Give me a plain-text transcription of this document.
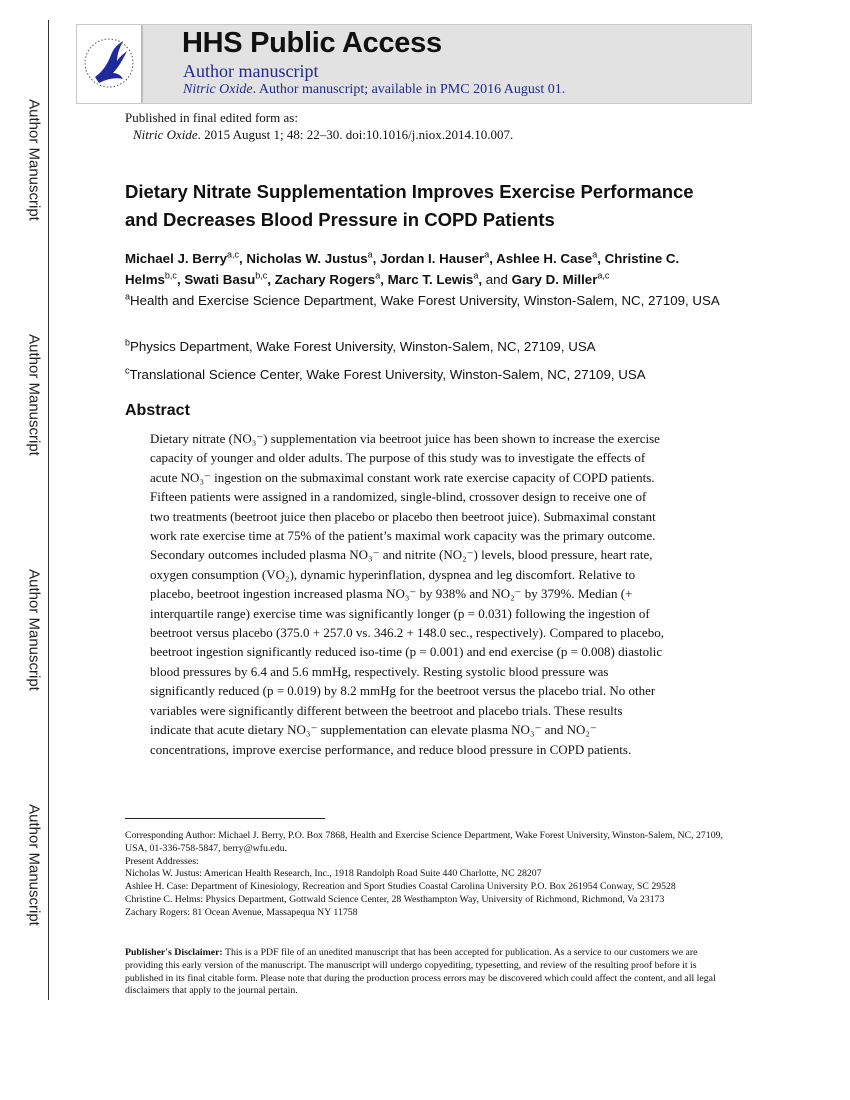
Author Manuscript
Author Manuscript
Author Manuscript
Author Manuscript
HHS Public Access
Author manuscript
Nitric Oxide. Author manuscript; available in PMC 2016 August 01.
Published in final edited form as:
Nitric Oxide. 2015 August 1; 48: 22–30. doi:10.1016/j.niox.2014.10.007.
Dietary Nitrate Supplementation Improves Exercise Performance
and Decreases Blood Pressure in COPD Patients
Michael J. Berry$^{a,c}$, Nicholas W. Justus$^a$, Jordan I. Hauser$^a$, Ashlee H. Case$^a$, Christine C. Helms$^{b,c}$, Swati Basu$^{b,c}$, Zachary Rogers$^a$, Marc T. Lewis$^a$, and Gary D. Miller$^{a,c}$
$^a$Health and Exercise Science Department, Wake Forest University, Winston-Salem, NC, 27109, USA
$^b$Physics Department, Wake Forest University, Winston-Salem, NC, 27109, USA
$^c$Translational Science Center, Wake Forest University, Winston-Salem, NC, 27109, USA
Abstract
Dietary nitrate (NO₃⁻) supplementation via beetroot juice has been shown to increase the exercise
capacity of younger and older adults. The purpose of this study was to investigate the effects of
acute NO₃⁻ ingestion on the submaximal constant work rate exercise capacity of COPD patients.
Fifteen patients were assigned in a randomized, single-blind, crossover design to receive one of
two treatments (beetroot juice then placebo or placebo then beetroot juice). Submaximal constant
work rate exercise time at 75% of the patient’s maximal work capacity was the primary outcome.
Secondary outcomes included plasma NO₃⁻ and nitrite (NO₂⁻) levels, blood pressure, heart rate,
oxygen consumption (VO₂), dynamic hyperinflation, dyspnea and leg discomfort. Relative to
placebo, beetroot ingestion increased plasma NO₃⁻ by 938% and NO₂⁻ by 379%. Median (+
interquartile range) exercise time was significantly longer (p = 0.031) following the ingestion of
beetroot versus placebo (375.0 + 257.0 vs. 346.2 + 148.0 sec., respectively). Compared to placebo,
beetroot ingestion significantly reduced iso-time (p = 0.001) and end exercise (p = 0.008) diastolic
blood pressures by 6.4 and 5.6 mmHg, respectively. Resting systolic blood pressure was
significantly reduced (p = 0.019) by 8.2 mmHg for the beetroot versus the placebo trial. No other
variables were significantly different between the beetroot and placebo trials. These results
indicate that acute dietary NO₃⁻ supplementation can elevate plasma NO₃⁻ and NO₂⁻
concentrations, improve exercise performance, and reduce blood pressure in COPD patients.
Corresponding Author: Michael J. Berry, P.O. Box 7868, Health and Exercise Science Department, Wake Forest University, Winston-Salem, NC, 27109, USA, 01-336-758-5847, berry@wfu.edu.
Present Addresses:
Nicholas W. Justus: American Health Research, Inc., 1918 Randolph Road Suite 440 Charlotte, NC 28207
Ashlee H. Case: Department of Kinesiology, Recreation and Sport Studies Coastal Carolina University P.O. Box 261954 Conway, SC 29528
Christine C. Helms: Physics Department, Gottwald Science Center, 28 Westhampton Way, University of Richmond, Richmond, Va 23173
Zachary Rogers: 81 Ocean Avenue, Massapequa NY 11758
Publisher's Disclaimer: This is a PDF file of an unedited manuscript that has been accepted for publication. As a service to our customers we are providing this early version of the manuscript. The manuscript will undergo copyediting, typesetting, and review of the resulting proof before it is published in its final citable form. Please note that during the production process errors may be discovered which could affect the content, and all legal disclaimers that apply to the journal pertain.
